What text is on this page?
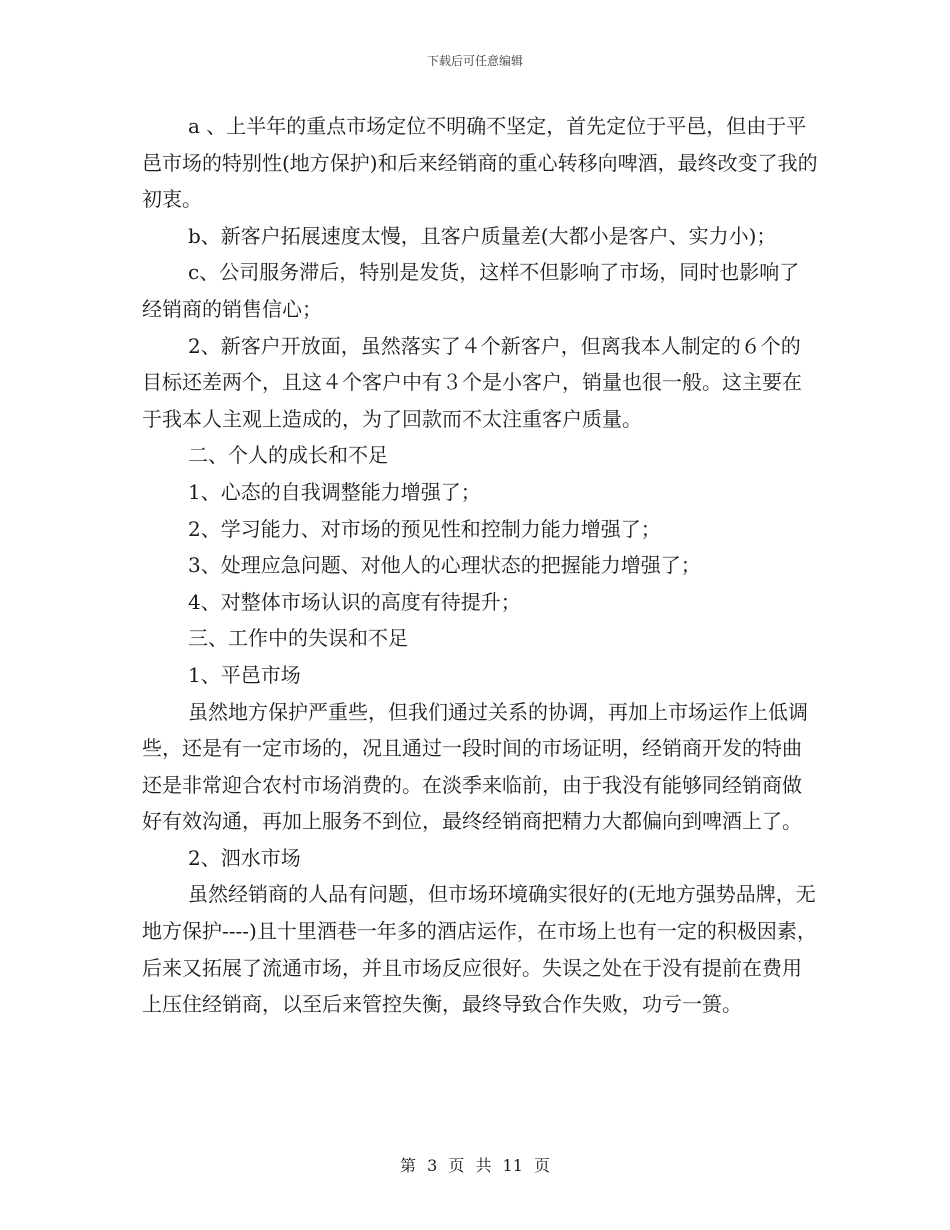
下载后可任意编辑

a 、上半年的重点市场定位不明确不坚定，首先定位于平邑，但由于平邑市场的特别性(地方保护)和后来经销商的重心转移向啤酒，最终改变了我的初衷。

b、新客户拓展速度太慢，且客户质量差(大都小是客户、实力小)；

c、公司服务滞后，特别是发货，这样不但影响了市场，同时也影响了经销商的销售信心；

2、新客户开放面，虽然落实了４个新客户，但离我本人制定的６个的目标还差两个，且这４个客户中有３个是小客户，销量也很一般。这主要在于我本人主观上造成的，为了回款而不太注重客户质量。

二、个人的成长和不足

1、心态的自我调整能力增强了；

2、学习能力、对市场的预见性和控制力能力增强了；

3、处理应急问题、对他人的心理状态的把握能力增强了；

4、对整体市场认识的高度有待提升；

三、工作中的失误和不足

1、平邑市场

虽然地方保护严重些，但我们通过关系的协调，再加上市场运作上低调些，还是有一定市场的，况且通过一段时间的市场证明，经销商开发的特曲还是非常迎合农村市场消费的。在淡季来临前，由于我没有能够同经销商做好有效沟通，再加上服务不到位，最终经销商把精力大都偏向到啤酒上了。

2、泗水市场

虽然经销商的人品有问题，但市场环境确实很好的(无地方强势品牌，无地方保护----)且十里酒巷一年多的酒店运作，在市场上也有一定的积极因素，后来又拓展了流通市场，并且市场反应很好。失误之处在于没有提前在费用上压住经销商，以至后来管控失衡，最终导致合作失败，功亏一篑。

第 3 页 共 11 页
